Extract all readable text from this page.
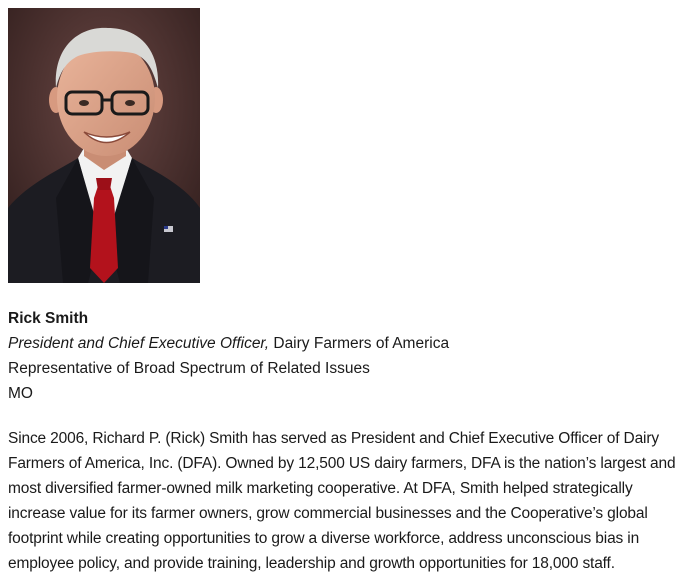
Rick Smith
President and Chief Executive Officer, Dairy Farmers of America
Representative of Broad Spectrum of Related Issues
MO
Since 2006, Richard P. (Rick) Smith has served as President and Chief Executive Officer of Dairy Farmers of America, Inc. (DFA). Owned by 12,500 US dairy farmers, DFA is the nation’s largest and most diversified farmer-owned milk marketing cooperative. At DFA, Smith helped strategically increase value for its farmer owners, grow commercial businesses and the Cooperative’s global footprint while creating opportunities to grow a diverse workforce, address unconscious bias in employee policy, and provide training, leadership and growth opportunities for 18,000 staff.
